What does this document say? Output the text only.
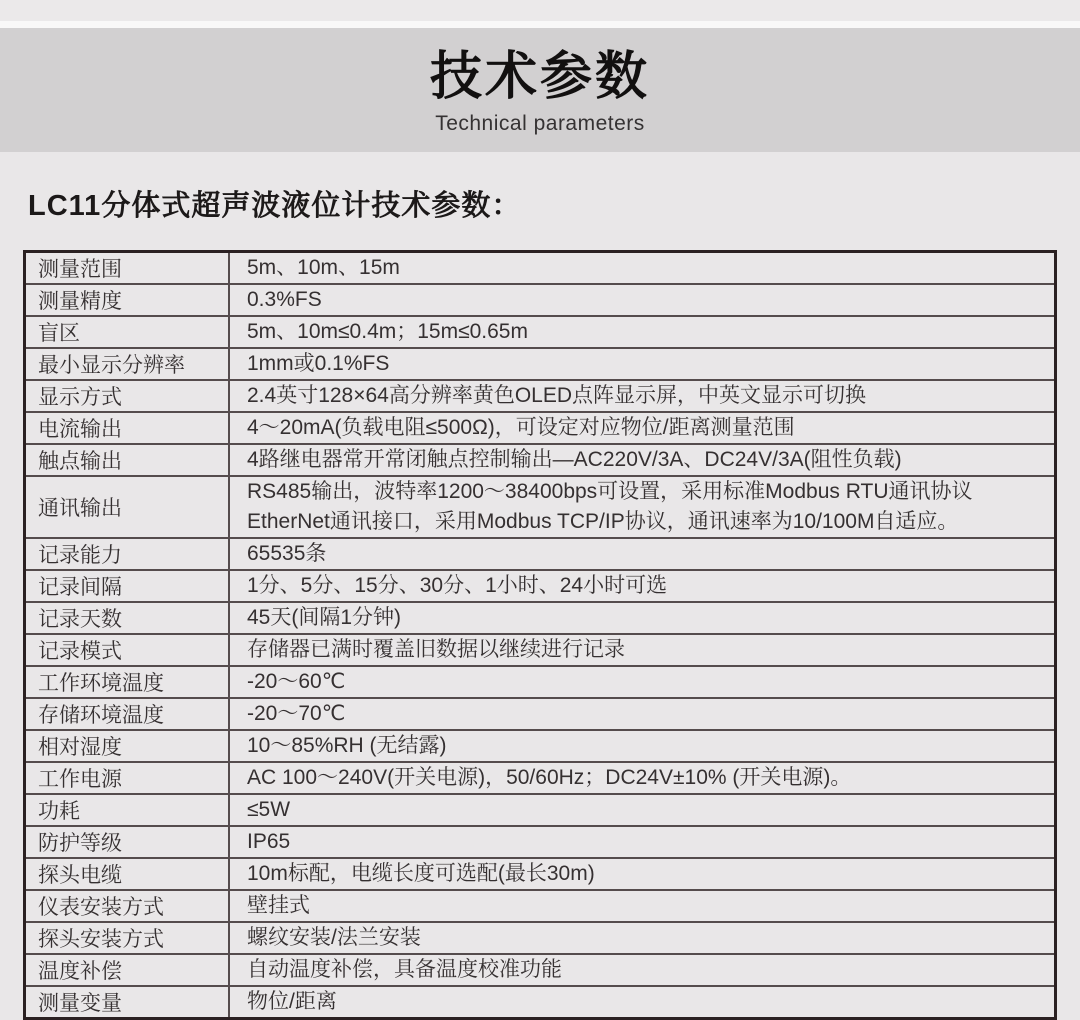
技术参数
Technical parameters
LC11分体式超声波液位计技术参数：
测量范围	5m、10m、15m

测量精度	0.3%FS

盲区	5m、10m≤0.4m；15m≤0.65m

最小显示分辨率	1mm或0.1%FS

显示方式	2.4英寸128×64高分辨率黄色OLED点阵显示屏，中英文显示可切换

电流输出	4～20mA(负载电阻≤500Ω)，可设定对应物位/距离测量范围

触点输出	4路继电器常开常闭触点控制输出—AC220V/3A、DC24V/3A(阻性负载)

通讯输出	RS485输出，波特率1200～38400bps可设置，采用标准Modbus RTU通讯协议
EtherNet通讯接口，采用Modbus TCP/IP协议，通讯速率为10/100M自适应。

记录能力	65535条

记录间隔	1分、5分、15分、30分、1小时、24小时可选

记录天数	45天(间隔1分钟)

记录模式	存储器已满时覆盖旧数据以继续进行记录

工作环境温度	-20～60℃

存储环境温度	-20～70℃

相对湿度	10～85%RH (无结露)

工作电源	AC 100～240V(开关电源)，50/60Hz；DC24V±10% (开关电源)。

功耗	≤5W

防护等级	IP65

探头电缆	10m标配，电缆长度可选配(最长30m)

仪表安装方式	壁挂式

探头安装方式	螺纹安装/法兰安装

温度补偿	自动温度补偿，具备温度校准功能

测量变量	物位/距离
